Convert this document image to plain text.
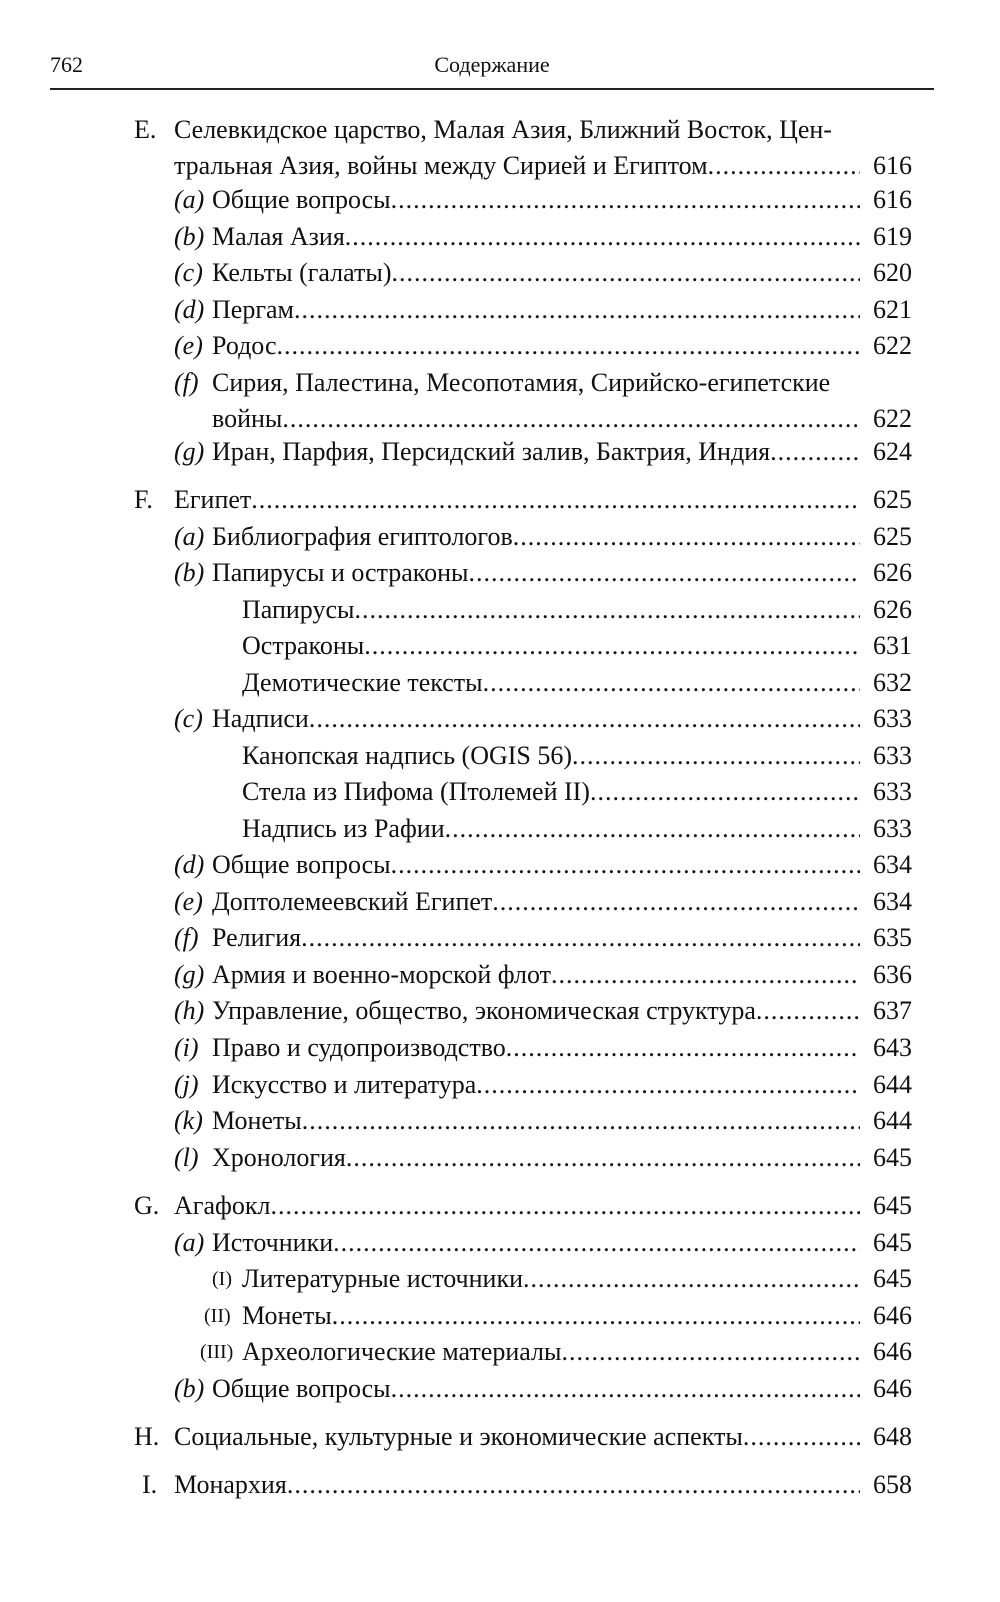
762	Содержание
E. Селевкидское царство, Малая Азия, Ближний Восток, Цен-
тральная Азия, войны между Сирией и Египтом .....	616
(a) Общие вопросы .....	616
(b) Малая Азия .....	619
(c) Кельты (галаты) .....	620
(d) Пергам .....	621
(e) Родос .....	622
(f) Сирия, Палестина, Месопотамия, Сирийско-египетские
войны .....	622
(g) Иран, Парфия, Персидский залив, Бактрия, Индия .....	624
F. Египет .....	625
(a) Библиография египтологов .....	625
(b) Папирусы и остраконы .....	626
Папирусы .....	626
Остраконы .....	631
Демотические тексты .....	632
(c) Надписи .....	633
Канопская надпись (OGIS 56) .....	633
Стела из Пифома (Птолемей II) .....	633
Надпись из Рафии .....	633
(d) Общие вопросы .....	634
(e) Доптолемеевский Египет .....	634
(f) Религия .....	635
(g) Армия и военно-морской флот .....	636
(h) Управление, общество, экономическая структура .....	637
(i) Право и судопроизводство .....	643
(j) Искусство и литература .....	644
(k) Монеты .....	644
(l) Хронология .....	645
G. Агафокл .....	645
(a) Источники .....	645
(I) Литературные источники .....	645
(II) Монеты .....	646
(III) Археологические материалы .....	646
(b) Общие вопросы .....	646
H. Социальные, культурные и экономические аспекты .....	648
I. Монархия .....	658
